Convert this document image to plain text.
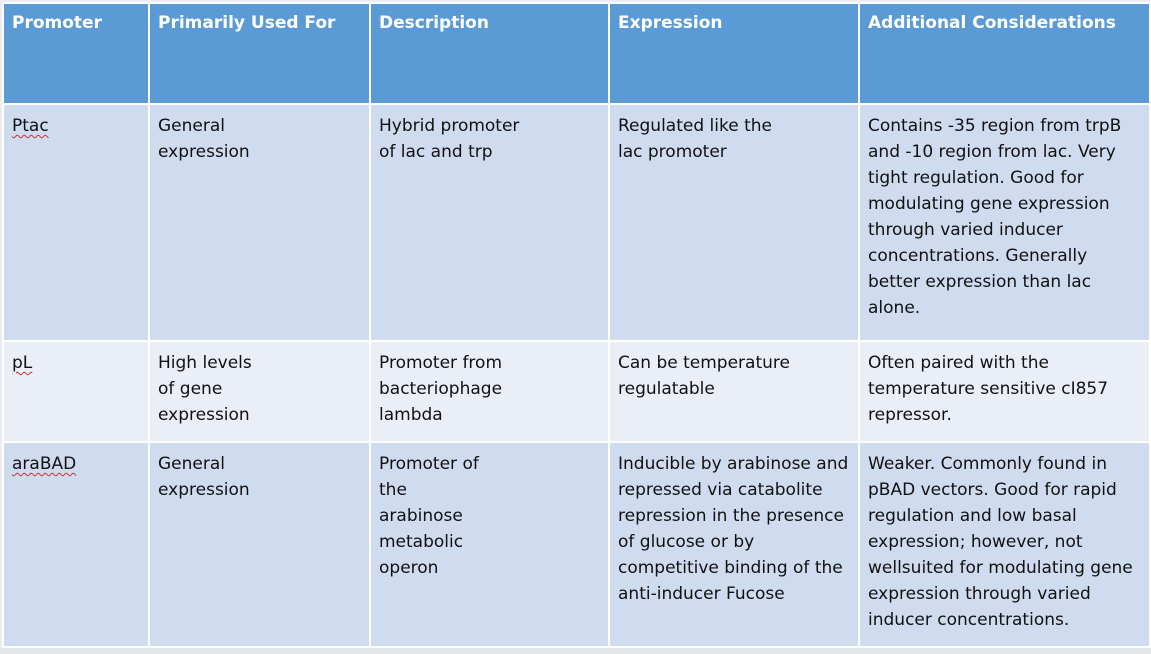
Promoter	Primarily Used For	Description	Expression	Additional Considerations
Ptac	General expression	Hybrid promoter of lac and trp	Regulated like the lac promoter	Contains -35 region from trpB and -10 region from lac. Very tight regulation. Good for modulating gene expression through varied inducer concentrations. Generally better expression than lac alone.

pL	High levels of gene expression	Promoter from bacteriophage lambda	Can be temperature regulatable	Often paired with the temperature sensitive cI857 repressor.

araBAD	General expression	Promoter of the arabinose metabolic operon	Inducible by arabinose and repressed via catabolite repression in the presence of glucose or by competitive binding of the anti-inducer Fucose	Weaker. Commonly found in pBAD vectors. Good for rapid regulation and low basal expression; however, not wellsuited for modulating gene expression through varied inducer concentrations.
